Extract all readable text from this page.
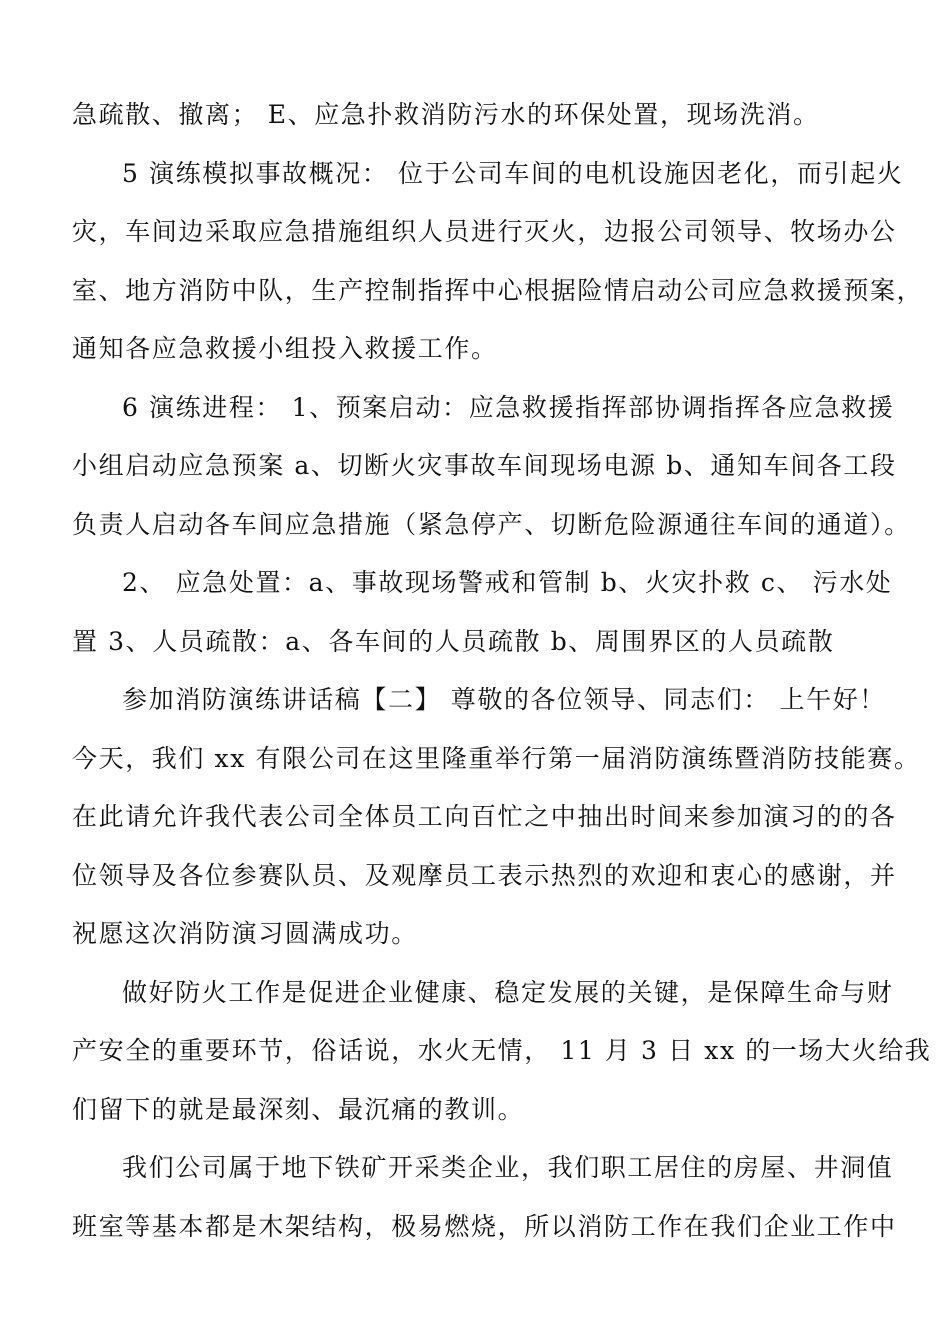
急疏散、撤离； E、应急扑救消防污水的环保处置，现场洗消。
5 演练模拟事故概况： 位于公司车间的电机设施因老化，而引起火
灾，车间边采取应急措施组织人员进行灭火，边报公司领导、牧场办公
室、地方消防中队，生产控制指挥中心根据险情启动公司应急救援预案，
通知各应急救援小组投入救援工作。
6 演练进程： 1、预案启动：应急救援指挥部协调指挥各应急救援
小组启动应急预案 a、切断火灾事故车间现场电源 b、通知车间各工段
负责人启动各车间应急措施（紧急停产、切断危险源通往车间的通道）。
2、 应急处置：a、事故现场警戒和管制 b、火灾扑救 c、 污水处
置 3、人员疏散：a、各车间的人员疏散 b、周围界区的人员疏散
参加消防演练讲话稿【二】 尊敬的各位领导、同志们： 上午好！
今天，我们 xx 有限公司在这里隆重举行第一届消防演练暨消防技能赛。
在此请允许我代表公司全体员工向百忙之中抽出时间来参加演习的的各
位领导及各位参赛队员、及观摩员工表示热烈的欢迎和衷心的感谢，并
祝愿这次消防演习圆满成功。
做好防火工作是促进企业健康、稳定发展的关键，是保障生命与财
产安全的重要环节，俗话说，水火无情， 11 月 3 日 xx 的一场大火给我
们留下的就是最深刻、最沉痛的教训。
我们公司属于地下铁矿开采类企业，我们职工居住的房屋、井洞值
班室等基本都是木架结构，极易燃烧，所以消防工作在我们企业工作中
